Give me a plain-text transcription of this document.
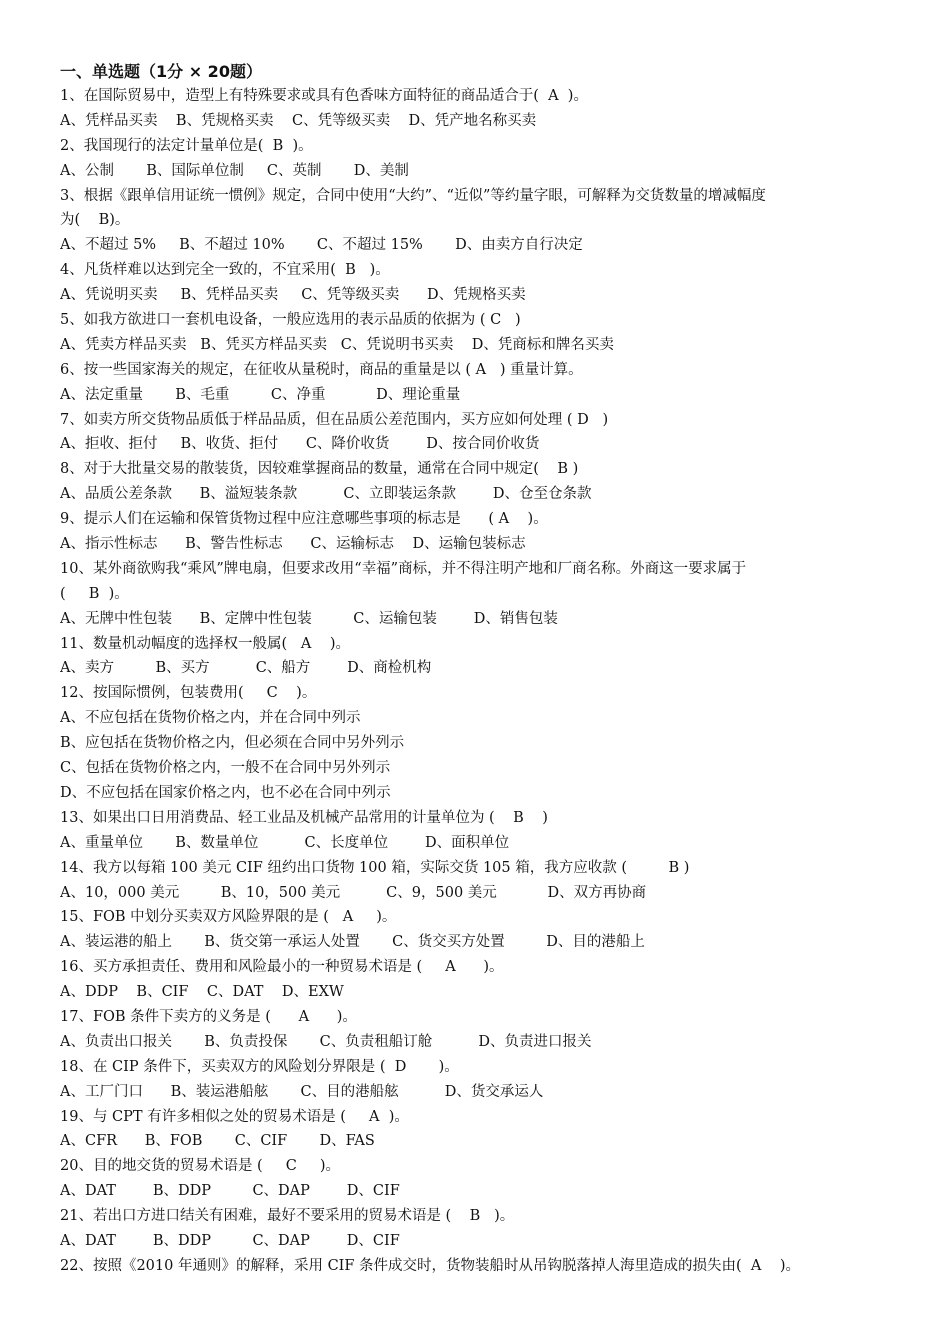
一、单选题（1分 × 20题）
1、在国际贸易中，造型上有特殊要求或具有色香味方面特征的商品适合于(  A  )。
A、凭样品买卖    B、凭规格买卖    C、凭等级买卖    D、凭产地名称买卖
2、我国现行的法定计量单位是(  B  )。
A、公制       B、国际单位制     C、英制       D、美制
3、根据《跟单信用证统一惯例》规定，合同中使用“大约”、“近似”等约量字眼，可解释为交货数量的增减幅度
为(    B)。
A、不超过 5%     B、不超过 10%       C、不超过 15%       D、由卖方自行决定
4、凡货样难以达到完全一致的，不宜采用(  B   )。
A、凭说明买卖     B、凭样品买卖     C、凭等级买卖      D、凭规格买卖
5、如我方欲进口一套机电设备，一般应选用的表示品质的依据为 ( C   )
A、凭卖方样品买卖   B、凭买方样品买卖   C、凭说明书买卖    D、凭商标和牌名买卖
6、按一些国家海关的规定，在征收从量税时，商品的重量是以 ( A   ) 重量计算。
A、法定重量       B、毛重         C、净重           D、理论重量
7、如卖方所交货物品质低于样品品质，但在品质公差范围内，买方应如何处理 ( D   )
A、拒收、拒付     B、收货、拒付      C、降价收货        D、按合同价收货
8、对于大批量交易的散装货，因较难掌握商品的数量，通常在合同中规定(    B )
A、品质公差条款      B、溢短装条款          C、立即装运条款        D、仓至仓条款
9、提示人们在运输和保管货物过程中应注意哪些事项的标志是      ( A    )。
A、指示性标志      B、警告性标志      C、运输标志    D、运输包装标志
10、某外商欲购我“乘风”牌电扇，但要求改用“幸福”商标，并不得注明产地和厂商名称。外商这一要求属于
(     B  )。
A、无牌中性包装      B、定牌中性包装         C、运输包装        D、销售包装
11、数量机动幅度的选择权一般属(   A    )。
A、卖方         B、买方          C、船方        D、商检机构
12、按国际惯例，包装费用(     C    )。
A、不应包括在货物价格之内，并在合同中列示
B、应包括在货物价格之内，但必须在合同中另外列示
C、包括在货物价格之内，一般不在合同中另外列示
D、不应包括在国家价格之内，也不必在合同中列示
13、如果出口日用消费品、轻工业品及机械产品常用的计量单位为 (    B    )
A、重量单位       B、数量单位          C、长度单位        D、面积单位
14、我方以每箱 100 美元 CIF 纽约出口货物 100 箱，实际交货 105 箱，我方应收款 (         B )
A、10，000 美元         B、10，500 美元          C、9，500 美元           D、双方再协商
15、FOB 中划分买卖双方风险界限的是 (   A     )。
A、装运港的船上       B、货交第一承运人处置       C、货交买方处置         D、目的港船上
16、买方承担责任、费用和风险最小的一种贸易术语是 (     A      )。
A、DDP    B、CIF    C、DAT    D、EXW
17、FOB 条件下卖方的义务是 (      A      )。
A、负责出口报关       B、负责投保       C、负责租船订舱          D、负责进口报关
18、在 CIP 条件下，买卖双方的风险划分界限是 (  D       )。
A、工厂门口      B、装运港船舷       C、目的港船舷          D、货交承运人
19、与 CPT 有许多相似之处的贸易术语是 (     A  )。
A、CFR      B、FOB       C、CIF       D、FAS
20、目的地交货的贸易术语是 (     C     )。
A、DAT        B、DDP         C、DAP        D、CIF
21、若出口方进口结关有困难，最好不要采用的贸易术语是 (    B   )。
A、DAT        B、DDP         C、DAP        D、CIF
22、按照《2010 年通则》的解释，采用 CIF 条件成交时，货物装船时从吊钩脱落掉人海里造成的损失由(  A    )。
